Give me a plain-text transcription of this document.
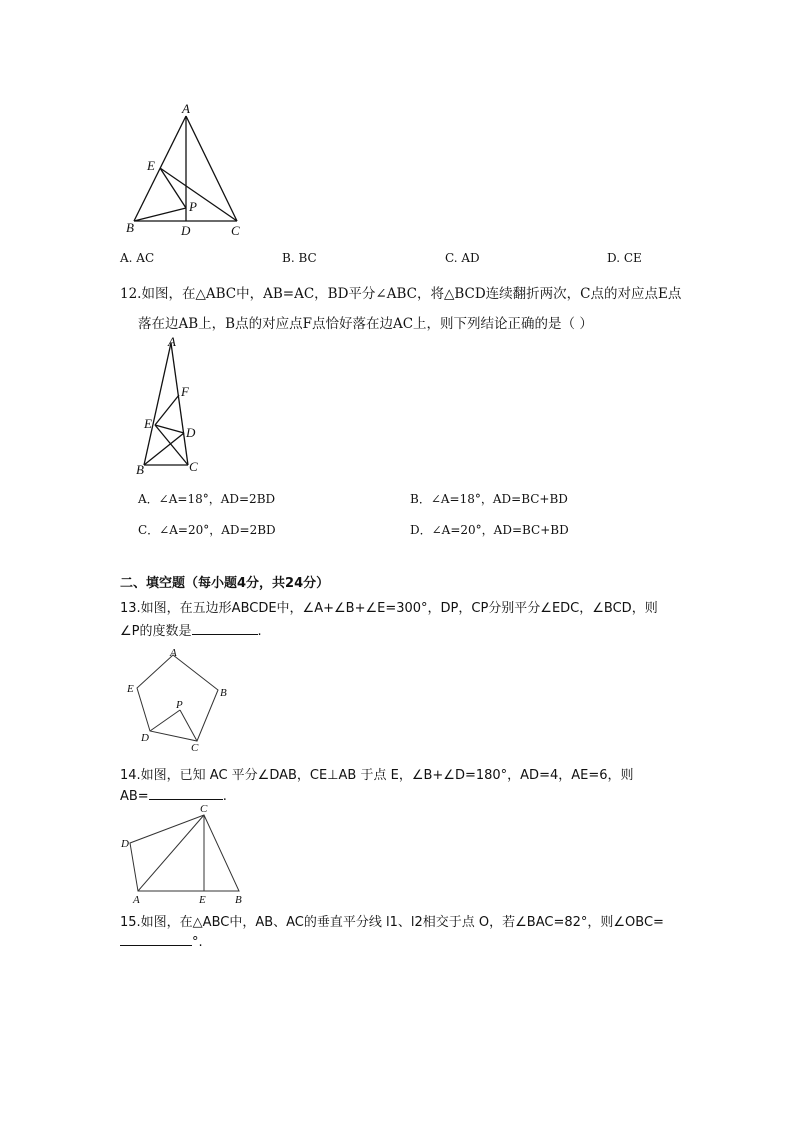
A
E
P
B	D	C
A. AC	B. BC	C. AD	D. CE
12.如图，在△ABC中，AB=AC，BD平分∠ABC，将△BCD连续翻折两次，C点的对应点E点
落在边AB上，B点的对应点F点恰好落在边AC上，则下列结论正确的是（ ）
A
F
E
D
B	C
A．∠A=18°，AD=2BD	B．∠A=18°，AD=BC+BD
C．∠A=20°，AD=2BD	D．∠A=20°，AD=BC+BD
二、填空题（每小题4分，共24分）
13.如图，在五边形ABCDE中，∠A+∠B+∠E=300°，DP，CP分别平分∠EDC，∠BCD，则
∠P的度数是	.
A
B
C
D
E
P
14.如图，已知 AC 平分∠DAB，CE⊥AB 于点 E，∠B+∠D=180°，AD=4，AE=6，则
AB=	.
C
D
A	E	B
15.如图，在△ABC中，AB、AC的垂直平分线 l1、l2相交于点 O，若∠BAC=82°，则∠OBC=
°.
